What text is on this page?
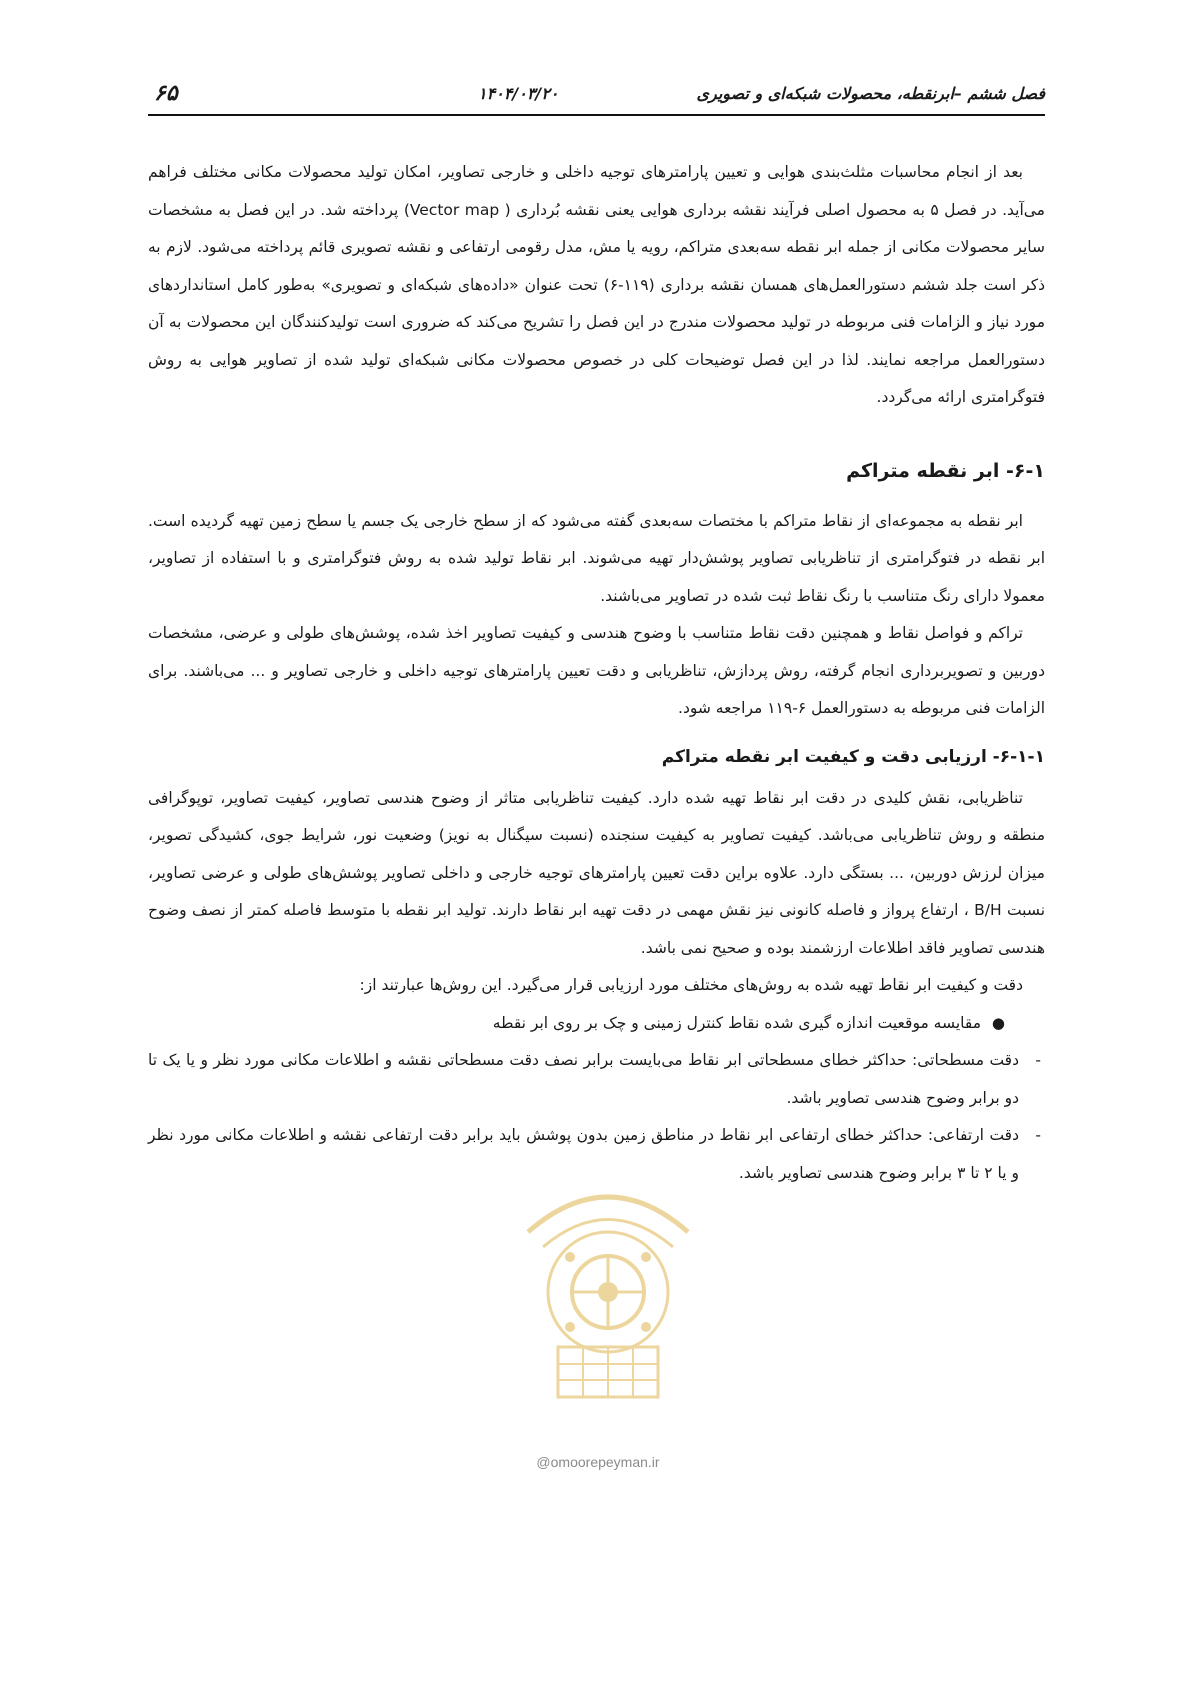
۶۵	۱۴۰۴/۰۳/۲۰	فصل ششم –ابرنقطه، محصولات شبکه‌ای و تصویری

بعد از انجام محاسبات مثلث‌بندی هوایی و تعیین پارامترهای توجیه داخلی و خارجی تصاویر، امکان تولید محصولات مکانی مختلف فراهم می‌آید. در فصل ۵ به محصول اصلی فرآیند نقشه برداری هوایی یعنی نقشه بُرداری ( Vector map) پرداخته شد. در این فصل به مشخصات سایر محصولات مکانی از جمله ابر نقطه سه‌بعدی متراکم، رویه یا مش، مدل رقومی ارتفاعی و نقشه تصویری قائم پرداخته می‌شود. لازم به ذکر است جلد ششم دستورالعمل‌های همسان نقشه برداری (۱۱۹-۶) تحت عنوان «داده‌های شبکه‌ای و تصویری» به‌طور کامل استانداردهای مورد نیاز و الزامات فنی مربوطه در تولید محصولات مندرج در این فصل را تشریح می‌کند که ضروری است تولیدکنندگان این محصولات به آن دستورالعمل مراجعه نمایند. لذا در این فصل توضیحات کلی در خصوص محصولات مکانی شبکه‌ای تولید شده از تصاویر هوایی به روش فتوگرامتری ارائه می‌گردد.

۶-۱- ابر نقطه متراکم

ابر نقطه به مجموعه‌ای از نقاط متراکم با مختصات سه‌بعدی گفته می‌شود که از سطح خارجی یک جسم یا سطح زمین تهیه گردیده است. ابر نقطه در فتوگرامتری از تناظریابی تصاویر پوشش‌دار تهیه می‌شوند. ابر نقاط تولید شده به روش فتوگرامتری و با استفاده از تصاویر، معمولا دارای رنگ متناسب با رنگ نقاط ثبت شده در تصاویر می‌باشند.

تراکم و فواصل نقاط و همچنین دقت نقاط متناسب با وضوح هندسی و کیفیت تصاویر اخذ شده، پوشش‌های طولی و عرضی، مشخصات دوربین و تصویربرداری انجام گرفته، روش پردازش، تناظریابی و دقت تعیین پارامترهای توجیه داخلی و خارجی تصاویر و ... می‌باشند. برای الزامات فنی مربوطه به دستورالعمل ۶-۱۱۹ مراجعه شود.

۶-۱-۱- ارزیابی دقت و کیفیت ابر نقطه متراکم

تناظریابی، نقش کلیدی در دقت ابر نقاط تهیه شده دارد. کیفیت تناظریابی متاثر از وضوح هندسی تصاویر، کیفیت تصاویر، توپوگرافی منطقه و روش تناظریابی می‌باشد. کیفیت تصاویر به کیفیت سنجنده (نسبت سیگنال به نویز) وضعیت نور، شرایط جوی، کشیدگی تصویر، میزان لرزش دوربین، ... بستگی دارد. علاوه براین دقت تعیین پارامترهای توجیه خارجی و داخلی تصاویر پوشش‌های طولی و عرضی تصاویر، نسبت B/H ، ارتفاع پرواز و فاصله کانونی نیز نقش مهمی در دقت تهیه ابر نقاط دارند. تولید ابر نقطه با متوسط فاصله کمتر از نصف وضوح هندسی تصاویر فاقد اطلاعات ارزشمند بوده و صحیح نمی باشد.

دقت و کیفیت ابر نقاط تهیه شده به روش‌های مختلف مورد ارزیابی قرار می‌گیرد. این روش‌ها عبارتند از:

●
مقایسه موقعیت اندازه گیری شده نقاط کنترل زمینی و چک بر روی ابر نقطه
-
دقت مسطحاتی: حداکثر خطای مسطحاتی ابر نقاط می‌بایست برابر نصف دقت مسطحاتی نقشه و اطلاعات مکانی مورد نظر و یا یک تا دو برابر وضوح هندسی تصاویر باشد.
-
دقت ارتفاعی: حداکثر خطای ارتفاعی ابر نقاط در مناطق زمین بدون پوشش باید برابر دقت ارتفاعی نقشه و اطلاعات مکانی مورد نظر و یا ۲ تا ۳ برابر وضوح هندسی تصاویر باشد.
@omoorepeyman.ir
